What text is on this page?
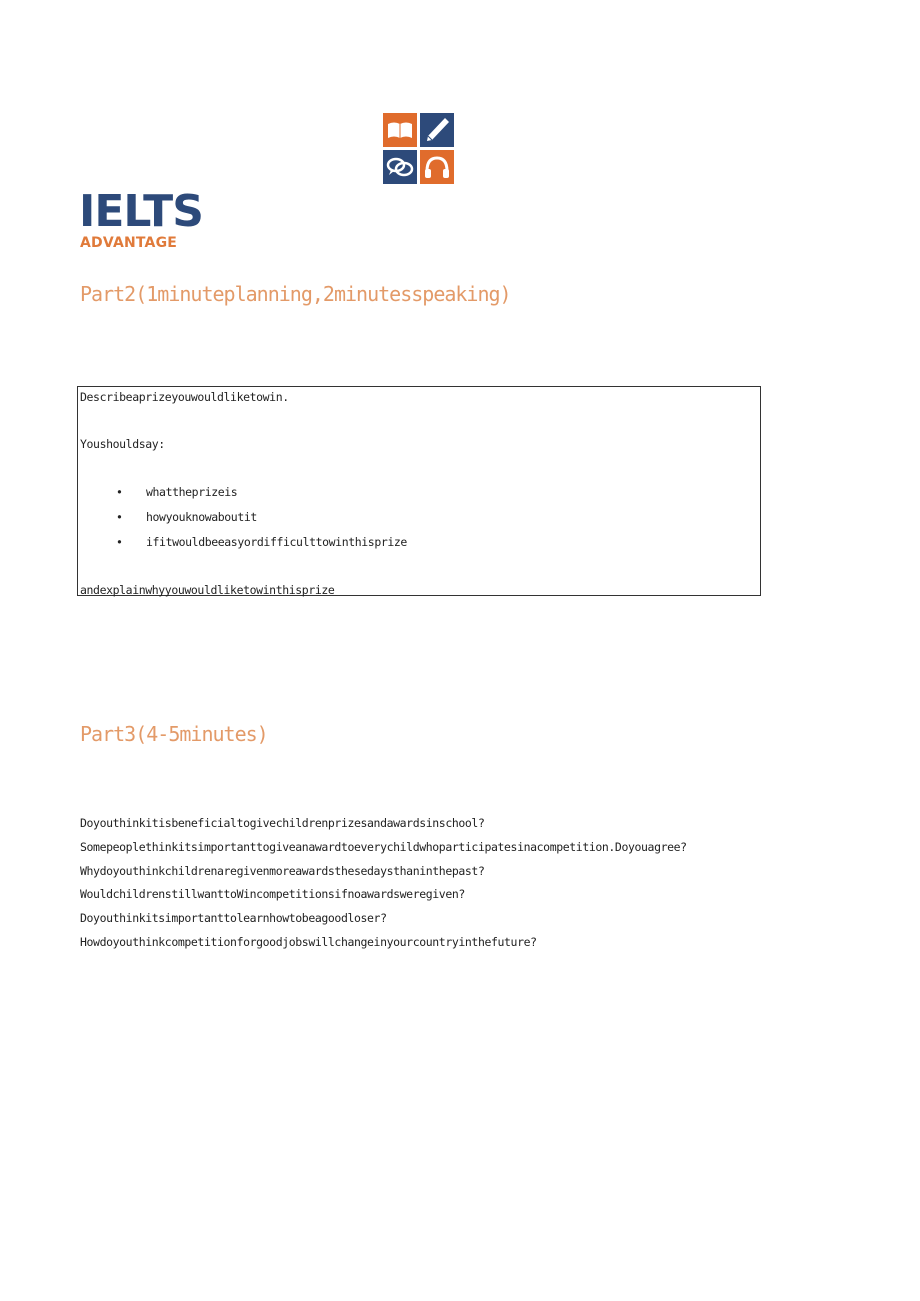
IELTS
ADVANTAGE
Part2(1minuteplanning,2minutesspeaking)
Describeaprizeyouwouldliketowin.
Youshouldsay:
• whattheprizeis
• howyouknowaboutit
• ifitwouldbeeasyordifficulttowinthisprize
andexplainwhyyouwouldliketowinthisprize
Part3(4-5minutes)
Doyouthinkitisbeneficialtogivechildrenprizesandawardsinschool?
Somepeoplethinkitsimportanttogiveanawardtoeverychildwhoparticipatesinacompetition.Doyouagree?
Whydoyouthinkchildrenaregivenmoreawardsthesedaysthaninthepast?
WouldchildrenstillwanttoWincompetitionsifnoawardsweregiven?
Doyouthinkitsimportanttolearnhowtobeagoodloser?
Howdoyouthinkcompetitionforgoodjobswillchangeinyourcountryinthefuture?
